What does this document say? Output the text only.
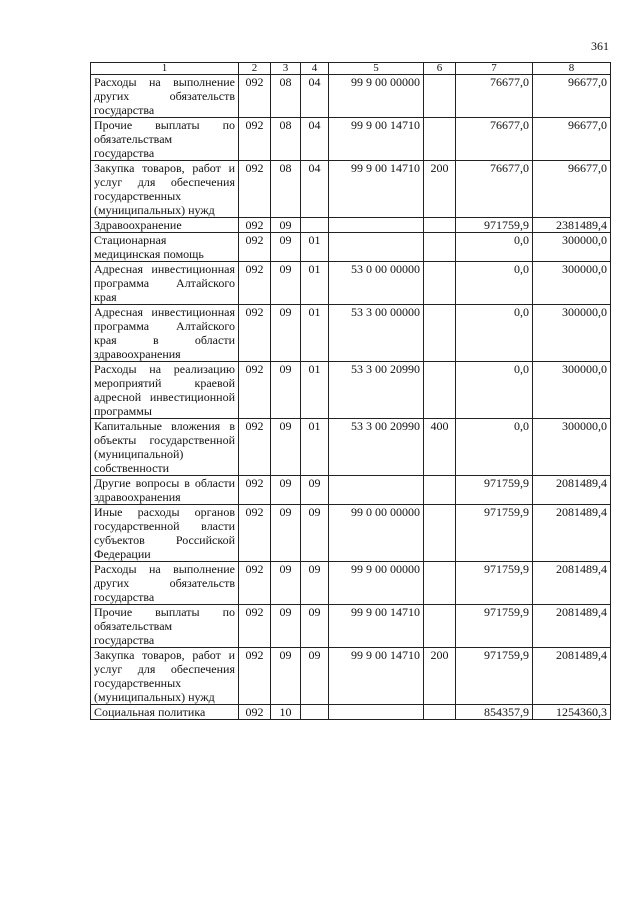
361
1	2	3	4	5	6	7	8
Расходы на выполнение других обязательств государства	092	08	04	99 9 00 00000		76677,0	96677,0
Прочие выплаты по обязательствам государства	092	08	04	99 9 00 14710		76677,0	96677,0
Закупка товаров, работ и услуг для обеспечения государственных (муниципальных) нужд	092	08	04	99 9 00 14710	200	76677,0	96677,0
Здравоохранение	092	09				971759,9	2381489,4
Стационарная медицинская помощь	092	09	01			0,0	300000,0
Адресная инвестиционная программа Алтайского края	092	09	01	53 0 00 00000		0,0	300000,0
Адресная инвестиционная программа Алтайского края в области здравоохранения	092	09	01	53 3 00 00000		0,0	300000,0
Расходы на реализацию мероприятий краевой адресной инвестиционной программы	092	09	01	53 3 00 20990		0,0	300000,0
Капитальные вложения в объекты государственной (муниципальной) собственности	092	09	01	53 3 00 20990	400	0,0	300000,0
Другие вопросы в области здравоохранения	092	09	09			971759,9	2081489,4
Иные расходы органов государственной власти субъектов Российской Федерации	092	09	09	99 0 00 00000		971759,9	2081489,4
Расходы на выполнение других обязательств государства	092	09	09	99 9 00 00000		971759,9	2081489,4
Прочие выплаты по обязательствам государства	092	09	09	99 9 00 14710		971759,9	2081489,4
Закупка товаров, работ и услуг для обеспечения государственных (муниципальных) нужд	092	09	09	99 9 00 14710	200	971759,9	2081489,4
Социальная политика	092	10				854357,9	1254360,3
